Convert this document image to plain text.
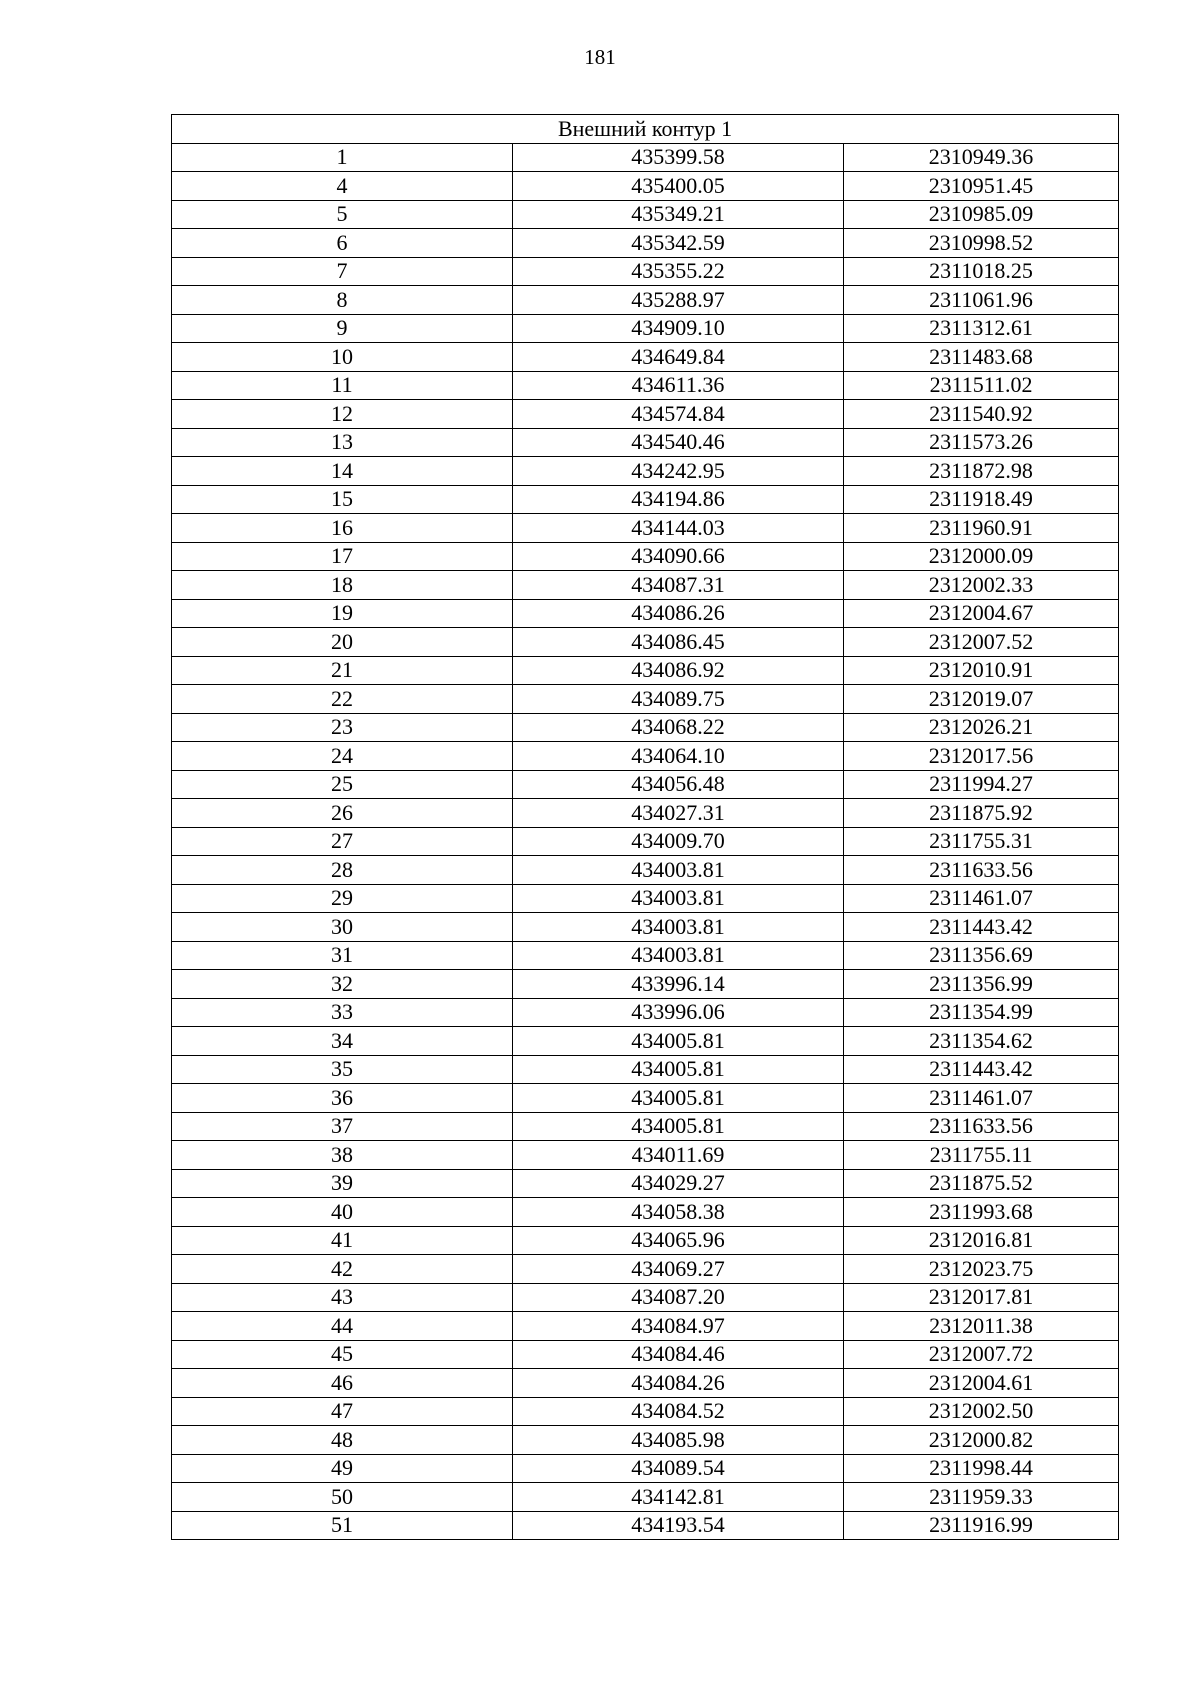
181
Внешний контур 1		
1	435399.58	2310949.36
4	435400.05	2310951.45
5	435349.21	2310985.09
6	435342.59	2310998.52
7	435355.22	2311018.25
8	435288.97	2311061.96
9	434909.10	2311312.61
10	434649.84	2311483.68
11	434611.36	2311511.02
12	434574.84	2311540.92
13	434540.46	2311573.26
14	434242.95	2311872.98
15	434194.86	2311918.49
16	434144.03	2311960.91
17	434090.66	2312000.09
18	434087.31	2312002.33
19	434086.26	2312004.67
20	434086.45	2312007.52
21	434086.92	2312010.91
22	434089.75	2312019.07
23	434068.22	2312026.21
24	434064.10	2312017.56
25	434056.48	2311994.27
26	434027.31	2311875.92
27	434009.70	2311755.31
28	434003.81	2311633.56
29	434003.81	2311461.07
30	434003.81	2311443.42
31	434003.81	2311356.69
32	433996.14	2311356.99
33	433996.06	2311354.99
34	434005.81	2311354.62
35	434005.81	2311443.42
36	434005.81	2311461.07
37	434005.81	2311633.56
38	434011.69	2311755.11
39	434029.27	2311875.52
40	434058.38	2311993.68
41	434065.96	2312016.81
42	434069.27	2312023.75
43	434087.20	2312017.81
44	434084.97	2312011.38
45	434084.46	2312007.72
46	434084.26	2312004.61
47	434084.52	2312002.50
48	434085.98	2312000.82
49	434089.54	2311998.44
50	434142.81	2311959.33
51	434193.54	2311916.99
